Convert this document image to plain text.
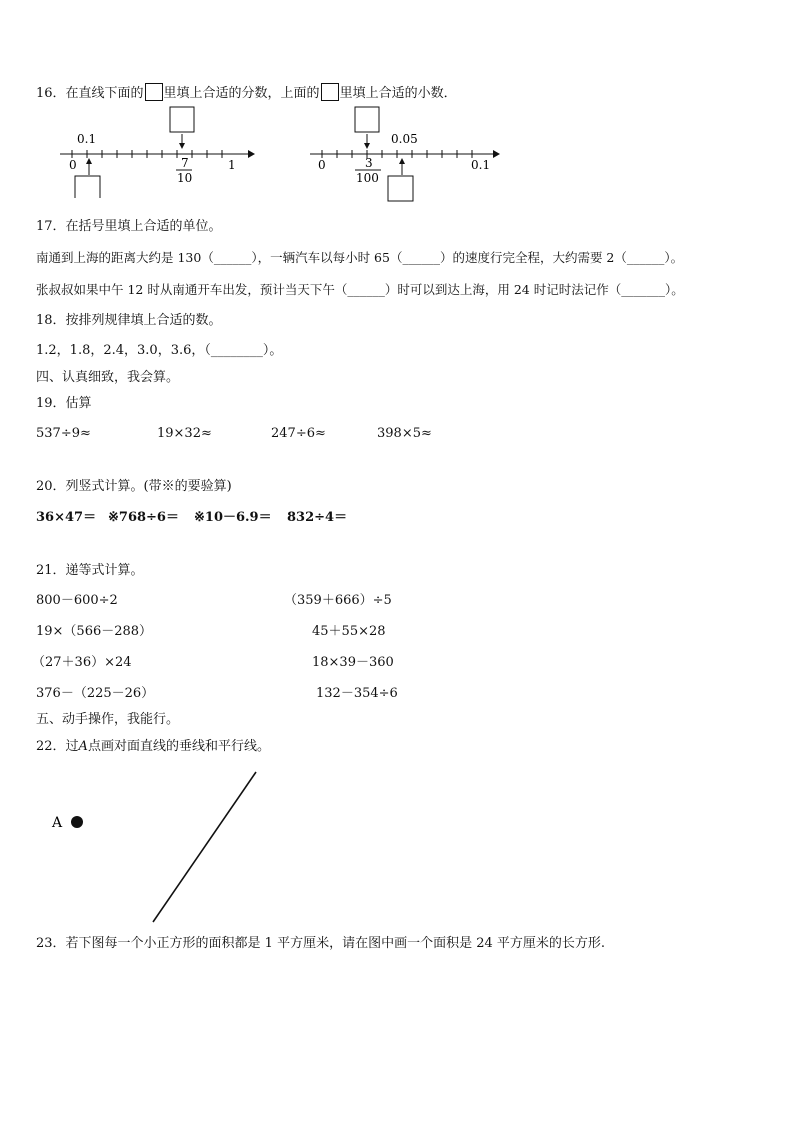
16．在直线下面的 里填上合适的分数，上面的 里填上合适的小数．
0.1
0	7
10
1
0.05
0	3
100
0.1
17．在括号里填上合适的单位。
南通到上海的距离大约是 130（______），一辆汽车以每小时 65（______）的速度行完全程，大约需要 2（______）。
张叔叔如果中午 12 时从南通开车出发，预计当天下午（______）时可以到达上海，用 24 时记时法记作（_______）。
18．按排列规律填上合适的数。
1.2，1.8，2.4，3.0，3.6，（________）。
四、认真细致，我会算。
19．估算
537÷9≈	19×32≈	247÷6≈	398×5≈
20．列竖式计算。(带※的要验算)
36×47＝ ※768÷6＝ ※10－6.9＝ 832÷4＝
21．递等式计算。
800－600÷2	（359＋666）÷5
19×（566－288）	45＋55×28
（27＋36）×24	18×39－360
376－（225－26）	132－354÷6
五、动手操作，我能行。
22．过A点画对面直线的垂线和平行线。
A
23．若下图每一个小正方形的面积都是 1 平方厘米，请在图中画一个面积是 24 平方厘米的长方形.
